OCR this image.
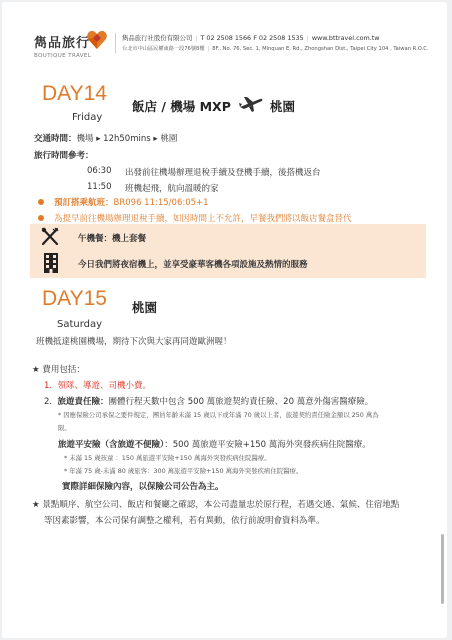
雋品旅行
BOUTIQUE TRAVEL
雋品旅行社股份有限公司 | T 02 2508 1566 F 02 2508 1535 | www.bttravel.com.tw
台北市中山區民權東路一段76號8樓 | 8F., No. 76, Sec. 1, Minquan E. Rd., Zhongshan Dist., Taipei City 104 , Taiwan R.O.C.
DAY14
Friday
飯店 / 機場 MXP	桃園
交通時間：機場 ▸ 12h50mins ▸ 桃園
旅行時間參考：
06:30 出發前往機場辦理退稅手續及登機手續，後搭機返台
11:50 班機起飛，航向溫暖的家
預訂搭乘航班：BR096 11:15/06:05+1
為提早前往機場辦理退稅手續，如因時間上不允許，早餐我們將以飯店餐盒替代
午機餐：機上套餐
今日我們將夜宿機上，並享受豪華客機各項設施及熱情的服務
DAY15 桃園
Saturday
班機抵達桃園機場，期待下次與大家再同遊歐洲喔！
★ 費用包括：
1. 領隊、導遊、司機小費。
2. 旅遊責任險：團體行程天數中包含 500 萬旅遊契約責任險、20 萬意外傷害醫療險。
* 因應保險公司承保之要件規定，團員年齡未滿 15 歲以下或年滿 70 歲以上者，旅遊契約責任險金額以 250 萬為
限。
旅遊平安險（含旅遊不便險）：500 萬旅遊平安險+150 萬海外突發疾病住院醫療。
* 未滿 15 歲孩童 ：150 萬旅遊平安險+150 萬海外突發疾病住院醫療。
* 年滿 75 歲-未滿 80 歲旅客：300 萬旅遊平安險+150 萬海外突發疾病住院醫療。
實際詳細保險內容，以保險公司公告為主。
★ 景點順序、航空公司、飯店和餐廳之確認，本公司盡量忠於原行程，若遇交通、氣候、住宿地點
等因素影響，本公司保有調整之權利，若有異動，依行前說明會資料為準。
